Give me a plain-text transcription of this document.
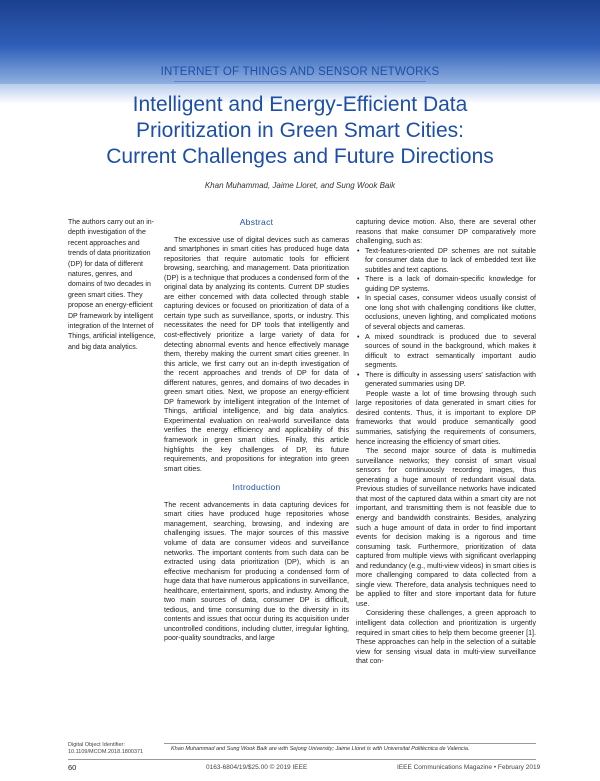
INTERNET OF THINGS AND SENSOR NETWORKS
Intelligent and Energy-Efficient Data
Prioritization in Green Smart Cities:
Current Challenges and Future Directions
Khan Muhammad, Jaime Lloret, and Sung Wook Baik
The authors carry out an in-depth investigation of the recent approaches and trends of data prioritization (DP) for data of different natures, genres, and domains of two decades in green smart cities. They propose an energy-efficient DP framework by intelligent integration of the Internet of Things, artificial intelligence, and big data analytics.
Abstract

The excessive use of digital devices such as cameras and smartphones in smart cities has produced huge data repositories that require automatic tools for efficient browsing, searching, and management. Data prioritization (DP) is a technique that produces a condensed form of the original data by analyzing its contents. Current DP studies are either concerned with data collected through stable capturing devices or focused on prioritization of data of a certain type such as surveillance, sports, or industry. This necessitates the need for DP tools that intelligently and cost-effectively prioritize a large variety of data for detecting abnormal events and hence effectively manage them, thereby making the current smart cities greener. In this article, we first carry out an in-depth investigation of the recent approaches and trends of DP for data of different natures, genres, and domains of two decades in green smart cities. Next, we propose an energy-efficient DP framework by intelligent integration of the Internet of Things, artificial intelligence, and big data analytics. Experimental evaluation on real-world surveillance data verifies the energy efficiency and applicability of this framework in green smart cities. Finally, this article highlights the key challenges of DP, its future requirements, and propositions for integration into green smart cities.

Introduction

The recent advancements in data capturing devices for smart cities have produced huge repositories whose management, searching, browsing, and indexing are challenging issues. The major sources of this massive volume of data are consumer videos and surveillance networks. The important contents from such data can be extracted using data prioritization (DP), which is an effective mechanism for producing a condensed form of huge data that have numerous applications in surveillance, healthcare, entertainment, sports, and industry. Among the two main sources of data, consumer DP is difficult, tedious, and time consuming due to the diversity in its contents and issues that occur during its acquisition under uncontrolled conditions, including clutter, irregular lighting, poor-quality soundtracks, and large

capturing device motion. Also, there are several other reasons that make consumer DP comparatively more challenging, such as:

• Text-features-oriented DP schemes are not suitable for consumer data due to lack of embedded text like subtitles and text captions.
• There is a lack of domain-specific knowledge for guiding DP systems.
• In special cases, consumer videos usually consist of one long shot with challenging conditions like clutter, occlusions, uneven lighting, and complicated motions of several objects and cameras.
• A mixed soundtrack is produced due to several sources of sound in the background, which makes it difficult to extract semantically important audio segments.
• There is difficulty in assessing users' satisfaction with generated summaries using DP.

People waste a lot of time browsing through such large repositories of data generated in smart cities for desired contents. Thus, it is important to explore DP frameworks that would produce semantically good summaries, satisfying the requirements of consumers, hence increasing the efficiency of smart cities.

The second major source of data is multimedia surveillance networks; they consist of smart visual sensors for continuously recording images, thus generating a huge amount of redundant visual data. Previous studies of surveillance networks have indicated that most of the captured data within a smart city are not important, and transmitting them is not feasible due to energy and bandwidth constraints. Besides, analyzing such a huge amount of data in order to find important events for decision making is a rigorous and time consuming task. Furthermore, prioritization of data captured from multiple views with significant overlapping and redundancy (e.g., multi-view videos) in smart cities is more challenging compared to data collected from a single view. Therefore, data analysis techniques need to be applied to filter and store important data for future use.

Considering these challenges, a green approach to intelligent data collection and prioritization is urgently required in smart cities to help them become greener [1]. These approaches can help in the selection of a suitable view for sensing visual data in multi-view surveillance that con-

Digital Object Identifier: 10.1109/MCOM.2018.1800371	Khan Muhammad and Sung Wook Baik are with Sejong University; Jaime Lloret is with Universitat Politècnica de Valencia.
60	0163-6804/19/$25.00 © 2019 IEEE	IEEE Communications Magazine • February 2019
